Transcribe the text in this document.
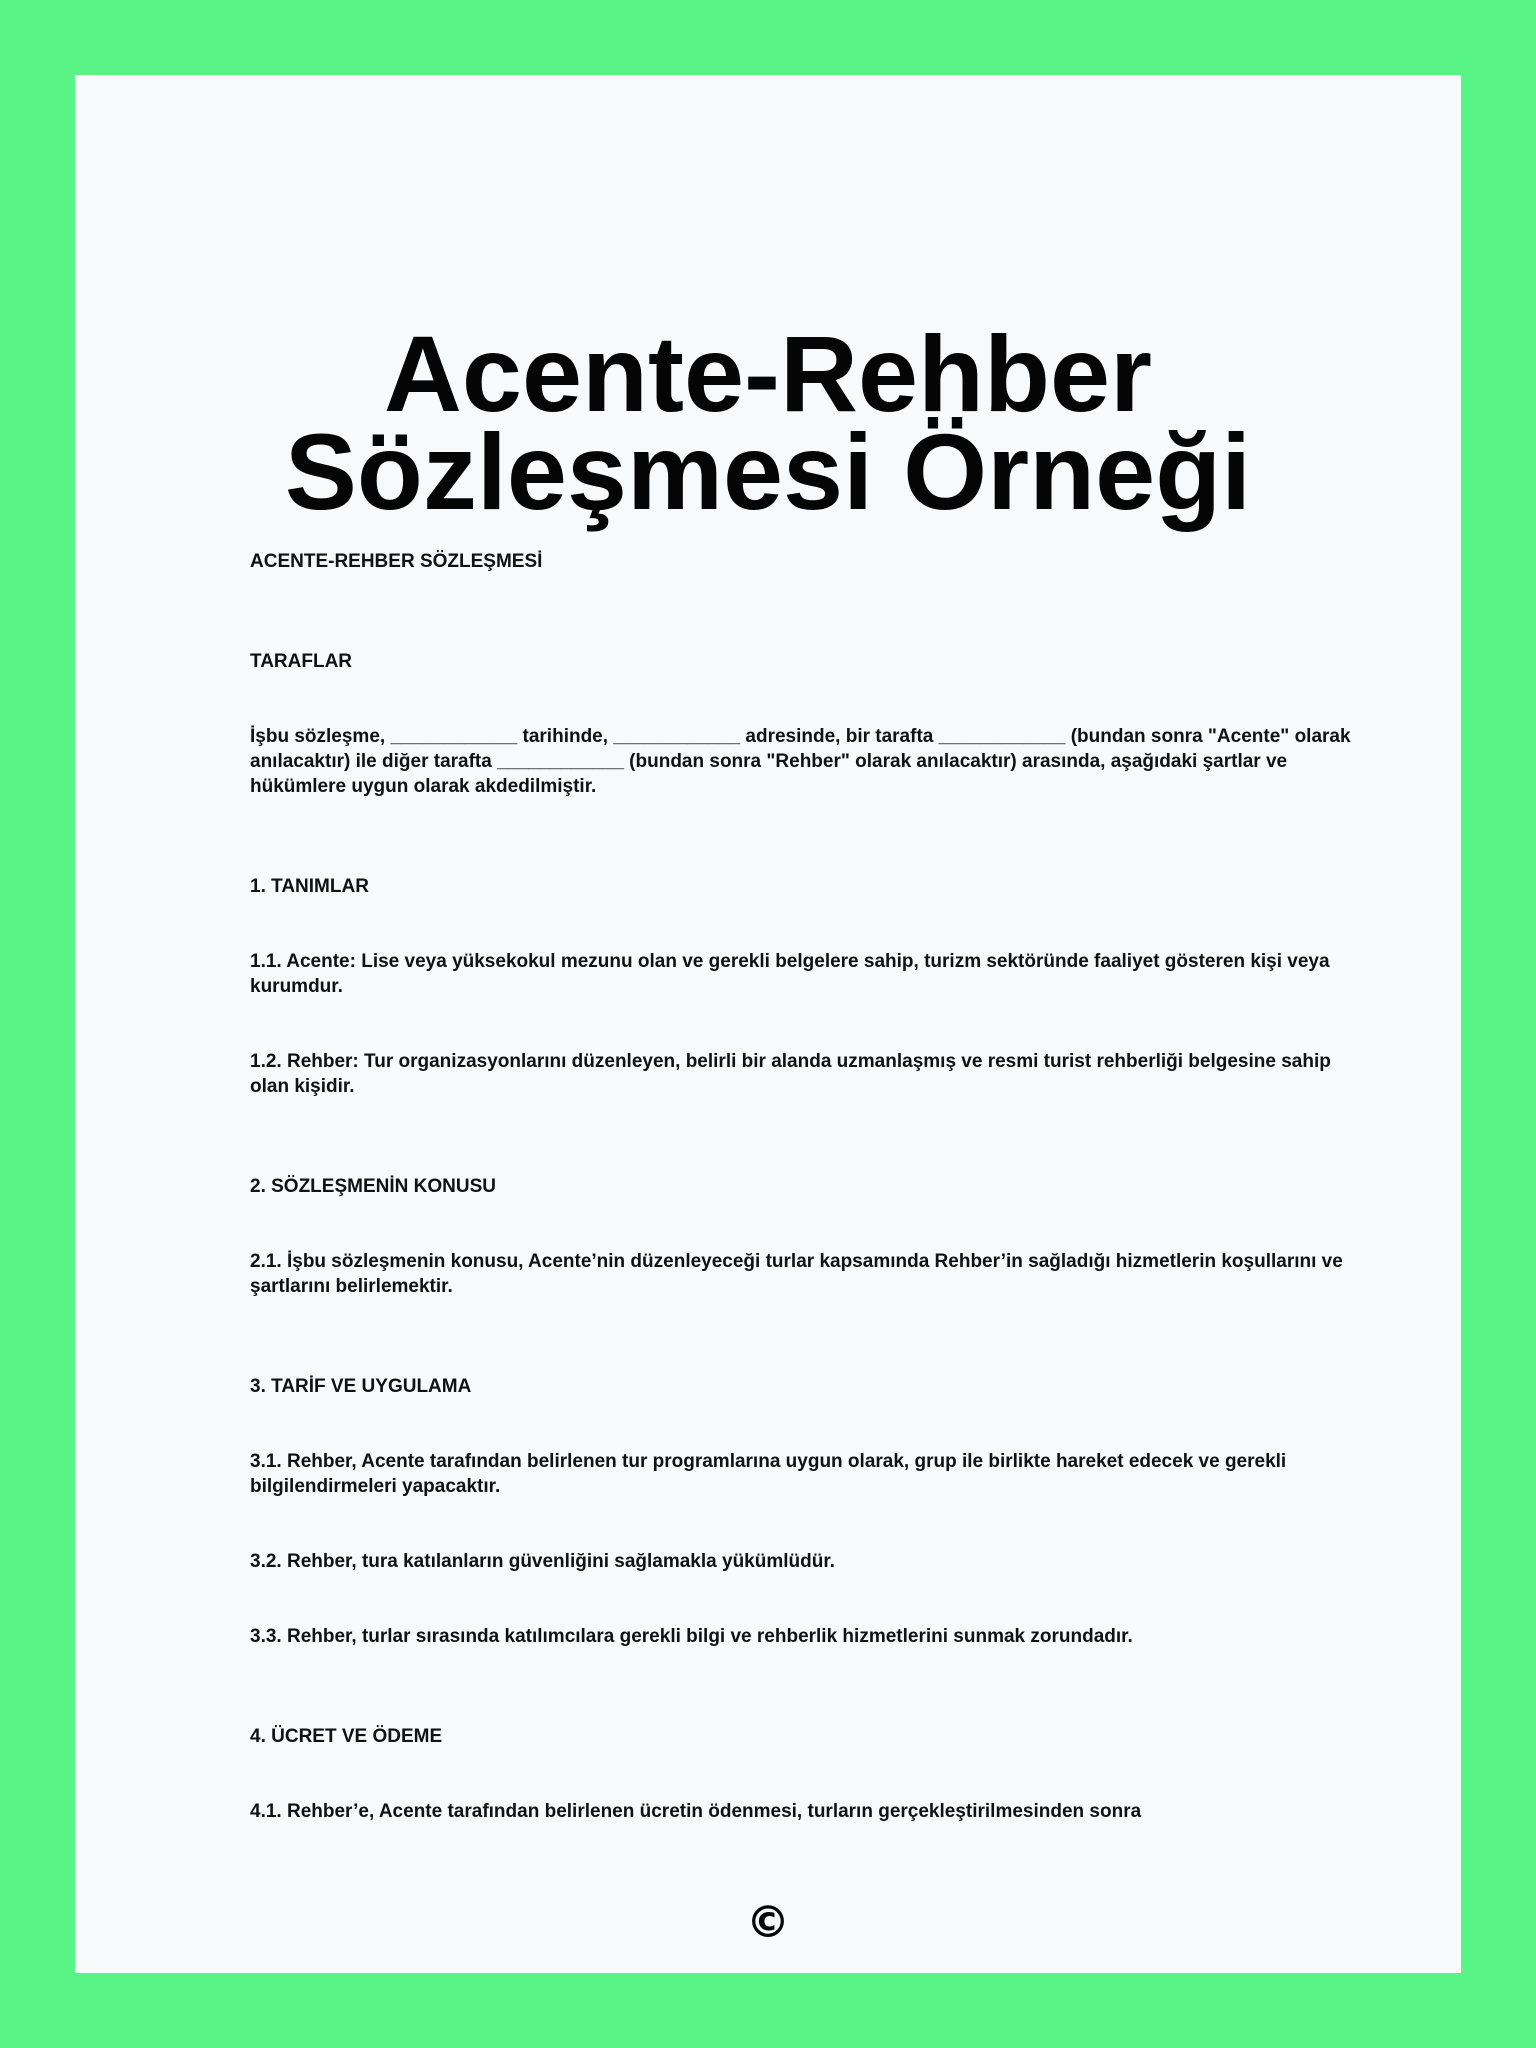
Acente-Rehber Sözleşmesi Örneği

ACENTE-REHBER SÖZLEŞMESİ

TARAFLAR

İşbu sözleşme, ____________ tarihinde, ____________ adresinde, bir tarafta ____________ (bundan sonra "Acente" olarak anılacaktır) ile diğer tarafta ____________ (bundan sonra "Rehber" olarak anılacaktır) arasında, aşağıdaki şartlar ve hükümlere uygun olarak akdedilmiştir.

1. TANIMLAR

1.1. Acente: Lise veya yüksekokul mezunu olan ve gerekli belgelere sahip, turizm sektöründe faaliyet gösteren kişi veya kurumdur.

1.2. Rehber: Tur organizasyonlarını düzenleyen, belirli bir alanda uzmanlaşmış ve resmi turist rehberliği belgesine sahip olan kişidir.

2. SÖZLEŞMENİN KONUSU

2.1. İşbu sözleşmenin konusu, Acente’nin düzenleyeceği turlar kapsamında Rehber’in sağladığı hizmetlerin koşullarını ve şartlarını belirlemektir.

3. TARİF VE UYGULAMA

3.1. Rehber, Acente tarafından belirlenen tur programlarına uygun olarak, grup ile birlikte hareket edecek ve gerekli bilgilendirmeleri yapacaktır.

3.2. Rehber, tura katılanların güvenliğini sağlamakla yükümlüdür.

3.3. Rehber, turlar sırasında katılımcılara gerekli bilgi ve rehberlik hizmetlerini sunmak zorundadır.

4. ÜCRET VE ÖDEME

4.1. Rehber’e, Acente tarafından belirlenen ücretin ödenmesi, turların gerçekleştirilmesinden sonra

©
